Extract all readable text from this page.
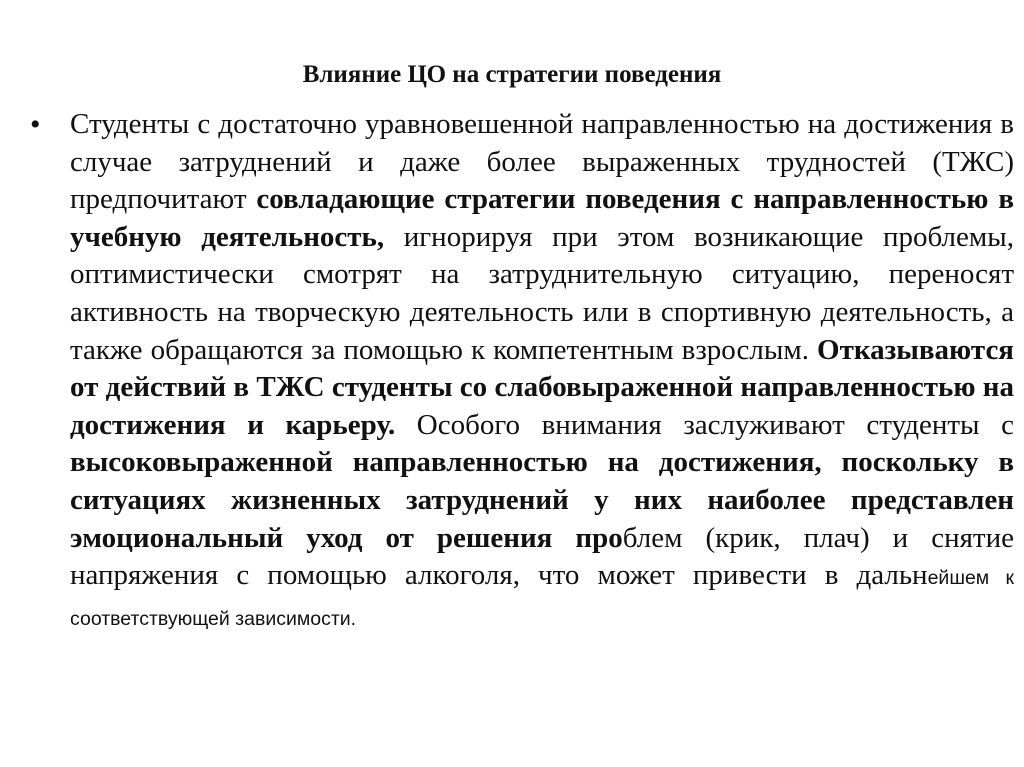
Влияние ЦО на стратегии поведения
• Студенты с достаточно уравновешенной направленностью на достижения в случае затруднений и даже более выраженных трудностей (ТЖС) предпочитают совладающие стратегии поведения с направленностью в учебную деятельность, игнорируя при этом возникающие проблемы, оптимистически смотрят на затруднительную ситуацию, переносят активность на творческую деятельность или в спортивную деятельность, а также обращаются за помощью к компетентным взрослым. Отказываются от действий в ТЖС студенты со слабовыраженной направленностью на достижения и карьеру. Особого внимания заслуживают студенты с высоковыраженной направленностью на достижения, поскольку в ситуациях жизненных затруднений у них наиболее представлен эмоциональный уход от решения проблем (крик, плач) и снятие напряжения с помощью алкоголя, что может привести в дальнейшем к соответствующей зависимости.
